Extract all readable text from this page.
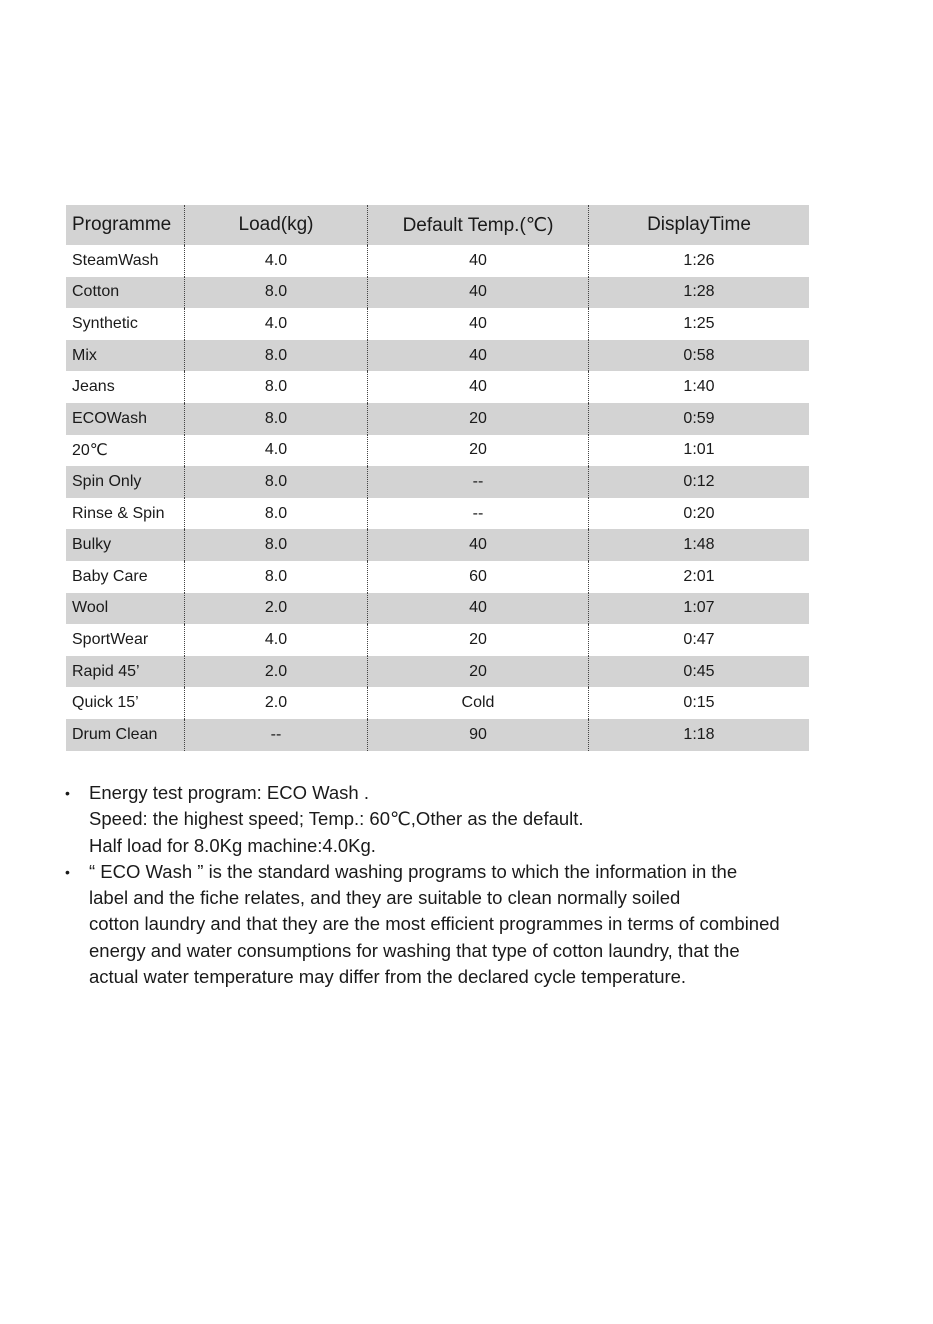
Programme	Load(kg)	Default Temp.(℃)	DisplayTime
SteamWash	4.0	40	1:26
Cotton	8.0	40	1:28
Synthetic	4.0	40	1:25
Mix	8.0	40	0:58
Jeans	8.0	40	1:40
ECOWash	8.0	20	0:59
20℃	4.0	20	1:01
Spin Only	8.0	--	0:12
Rinse & Spin	8.0	--	0:20
Bulky	8.0	40	1:48
Baby Care	8.0	60	2:01
Wool	2.0	40	1:07
SportWear	4.0	20	0:47
Rapid 45’	2.0	20	0:45
Quick 15’	2.0	Cold	0:15
Drum Clean	--	90	1:18
• Energy test program: ECO Wash .
Speed: the highest speed; Temp.: 60℃,Other as the default.
Half load for 8.0Kg machine:4.0Kg.
• “ ECO Wash ” is the standard washing programs to which the information in the
label and the fiche relates, and they are suitable to clean normally soiled
cotton laundry and that they are the most efficient programmes in terms of combined
energy and water consumptions for washing that type of cotton laundry, that the
actual water temperature may differ from the declared cycle temperature.
